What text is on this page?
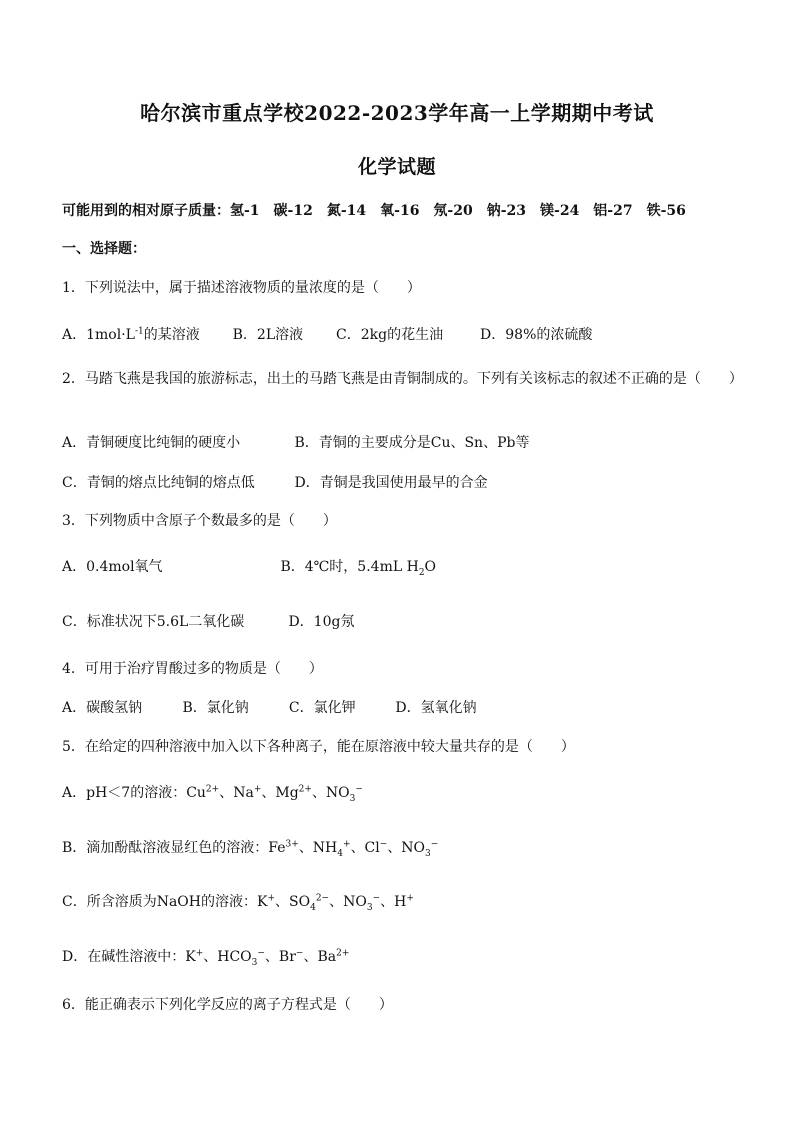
哈尔滨市重点学校2022-2023学年高一上学期期中考试
化学试题
可能用到的相对原子质量：氢-1　碳-12　氮-14　氧-16　氖-20　钠-23　镁-24　铝-27　铁-56
一、选择题：
1．下列说法中，属于描述溶液物质的量浓度的是（　　）
A．$1mol\cdot L^{-1}$的某溶液 B．2L溶液 C．2kg的花生油	D．98%的浓硫酸
2．马踏飞燕是我国的旅游标志，出土的马踏飞燕是由青铜制成的。下列有关该标志的叙述不正确的是（　　）
A．青铜硬度比纯铜的硬度小	B．青铜的主要成分是Cu、Sn、Pb等
C．青铜的熔点比纯铜的熔点低	D．青铜是我国使用最早的合金
3．下列物质中含原子个数最多的是（　　）
A．0.4mol氧气	B．4℃时，5.4mL $H_2O$
C．标准状况下5.6L二氧化碳	D．10g氖
4．可用于治疗胃酸过多的物质是（　　）
A．碳酸氢钠	B．氯化钠	C．氯化钾	D．氢氧化钠
5．在给定的四种溶液中加入以下各种离子，能在原溶液中较大量共存的是（　　）
A．pH＜7的溶液：$Cu^{2+}$、Na+、$Mg^{2+}$、$NO_3^-$
B．滴加酚酞溶液显红色的溶液：$Fe^{3+}$、$NH_4^+$、Cl−、$NO_3^-$
C．所含溶质为NaOH的溶液：K+、$SO_4^{2-}$、$NO_3^-$、H+
D．在碱性溶液中：K+、$HCO_3^-$、Br−、$Ba^{2+}$
6．能正确表示下列化学反应的离子方程式是（　　）
